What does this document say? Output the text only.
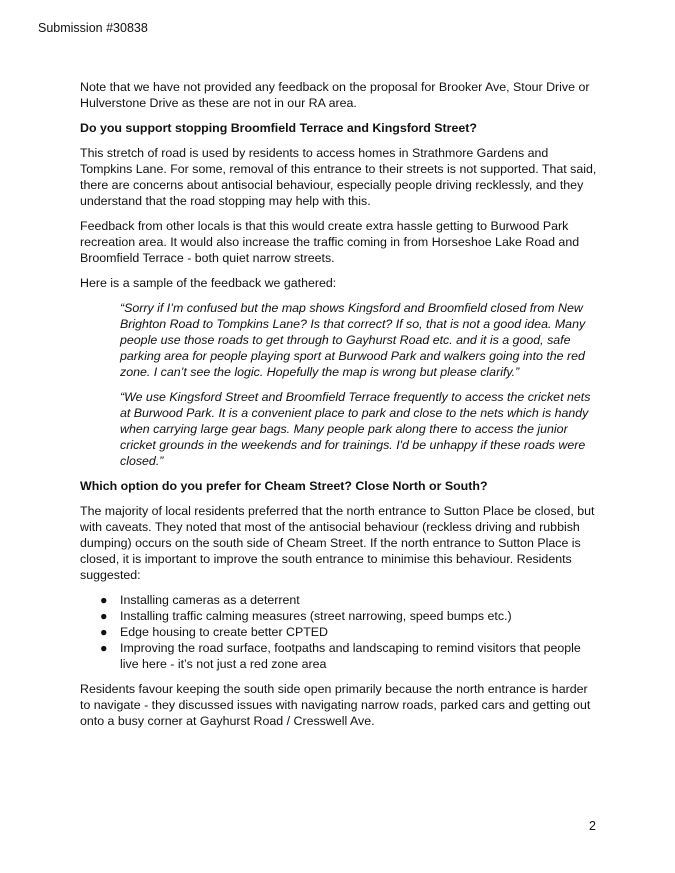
Submission #30838

Note that we have not provided any feedback on the proposal for Brooker Ave, Stour Drive or Hulverstone Drive as these are not in our RA area.

Do you support stopping Broomfield Terrace and Kingsford Street?

This stretch of road is used by residents to access homes in Strathmore Gardens and Tompkins Lane. For some, removal of this entrance to their streets is not supported. That said, there are concerns about antisocial behaviour, especially people driving recklessly, and they understand that the road stopping may help with this.

Feedback from other locals is that this would create extra hassle getting to Burwood Park recreation area. It would also increase the traffic coming in from Horseshoe Lake Road and Broomfield Terrace - both quiet narrow streets.

Here is a sample of the feedback we gathered:

“Sorry if I’m confused but the map shows Kingsford and Broomfield closed from New Brighton Road to Tompkins Lane? Is that correct? If so, that is not a good idea. Many people use those roads to get through to Gayhurst Road etc. and it is a good, safe parking area for people playing sport at Burwood Park and walkers going into the red zone. I can’t see the logic. Hopefully the map is wrong but please clarify.”

“We use Kingsford Street and Broomfield Terrace frequently to access the cricket nets at Burwood Park. It is a convenient place to park and close to the nets which is handy when carrying large gear bags. Many people park along there to access the junior cricket grounds in the weekends and for trainings. I'd be unhappy if these roads were closed.”

Which option do you prefer for Cheam Street? Close North or South?

The majority of local residents preferred that the north entrance to Sutton Place be closed, but with caveats. They noted that most of the antisocial behaviour (reckless driving and rubbish dumping) occurs on the south side of Cheam Street. If the north entrance to Sutton Place is closed, it is important to improve the south entrance to minimise this behaviour. Residents suggested:

● Installing cameras as a deterrent
● Installing traffic calming measures (street narrowing, speed bumps etc.)
● Edge housing to create better CPTED
● Improving the road surface, footpaths and landscaping to remind visitors that people live here - it’s not just a red zone area

Residents favour keeping the south side open primarily because the north entrance is harder to navigate - they discussed issues with navigating narrow roads, parked cars and getting out onto a busy corner at Gayhurst Road / Cresswell Ave.

2
